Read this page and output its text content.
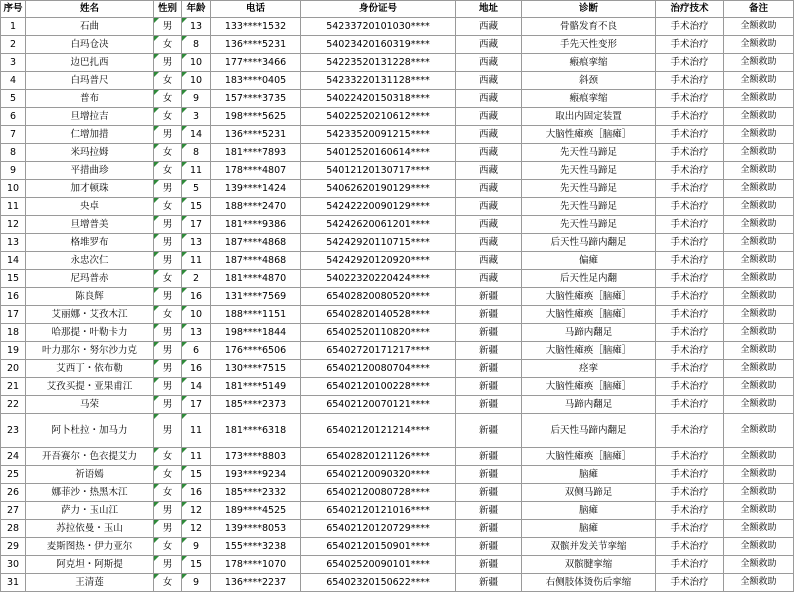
序号	姓名	性别	年龄	电话	身份证号	地址	诊断	治疗技术	备注
1	石曲	男	13	133****1532	54233720101030****	西藏	骨骼发育不良	手术治疗	全额救助
2	白玛仓决	女	8	136****5231	54023420160319****	西藏	手先天性变形	手术治疗	全额救助
3	边巴扎西	男	10	177****3466	54223520131228****	西藏	瘢痕挛缩	手术治疗	全额救助
4	白玛普尺	女	10	183****0405	54233220131128****	西藏	斜颈	手术治疗	全额救助
5	普布	女	9	157****3735	54022420150318****	西藏	瘢痕挛缩	手术治疗	全额救助
6	旦增拉吉	女	3	198****5625	54022520210612****	西藏	取出内固定装置	手术治疗	全额救助
7	仁增加措	男	14	136****5231	54233520091215****	西藏	大脑性瘫痪［脑瘫］	手术治疗	全额救助
8	米玛拉姆	女	8	181****7893	54012520160614****	西藏	先天性马蹄足	手术治疗	全额救助
9	平措曲珍	女	11	178****4807	54012120130717****	西藏	先天性马蹄足	手术治疗	全额救助
10	加才顿珠	男	5	139****1424	54062620190129****	西藏	先天性马蹄足	手术治疗	全额救助
11	央卓	女	15	188****2470	54242220090129****	西藏	先天性马蹄足	手术治疗	全额救助
12	旦增普美	男	17	181****9386	54242620061201****	西藏	先天性马蹄足	手术治疗	全额救助
13	格堆罗布	男	13	187****4868	54242920110715****	西藏	后天性马蹄内翻足	手术治疗	全额救助
14	永忠次仁	男	11	187****4868	54242920120920****	西藏	偏瘫	手术治疗	全额救助
15	尼玛普赤	女	2	181****4870	54022320220424****	西藏	后天性足内翻	手术治疗	全额救助
16	陈良辉	男	16	131****7569	65402820080520****	新疆	大脑性瘫痪［脑瘫］	手术治疗	全额救助
17	艾丽娜・艾孜木江	女	10	188****1151	65402820140528****	新疆	大脑性瘫痪［脑瘫］	手术治疗	全额救助
18	哈那提・叶勒卡力	男	13	198****1844	65402520110820****	新疆	马蹄内翻足	手术治疗	全额救助
19	叶力那尔・努尔沙力克	男	6	176****6506	65402720171217****	新疆	大脑性瘫痪［脑瘫］	手术治疗	全额救助
20	艾西丁・依布勒	男	16	130****7515	65402120080704****	新疆	痉挛	手术治疗	全额救助
21	艾孜买提・亚果甫江	男	14	181****5149	65402120100228****	新疆	大脑性瘫痪［脑瘫］	手术治疗	全额救助
22	马荣	男	17	185****2373	65402120070121****	新疆	马蹄内翻足	手术治疗	全额救助
23	阿卜杜拉・加马力	男	11	181****6318	65402120121214****	新疆	后天性马蹄内翻足	手术治疗	全额救助
24	开吾赛尔・色衣提艾力	女	11	173****8803	65402820121126****	新疆	大脑性瘫痪［脑瘫］	手术治疗	全额救助
25	祈语嫣	女	15	193****9234	65402120090320****	新疆	脑瘫	手术治疗	全额救助
26	娜菲沙・热黑木江	女	16	185****2332	65402120080728****	新疆	双侧马蹄足	手术治疗	全额救助
27	萨力・玉山江	男	12	189****4525	65402120121016****	新疆	脑瘫	手术治疗	全额救助
28	苏拉依曼・玉山	男	12	139****8053	65402120120729****	新疆	脑瘫	手术治疗	全额救助
29	麦斯图热・伊力亚尔	女	9	155****3238	65402120150901****	新疆	双髌并发关节挛缩	手术治疗	全额救助
30	阿克坦・阿斯提	男	15	178****1070	65402520090101****	新疆	双髌腱挛缩	手术治疗	全额救助
31	王清莲	女	9	136****2237	65402320150622****	新疆	右侧肢体烫伤后挛缩	手术治疗	全额救助
